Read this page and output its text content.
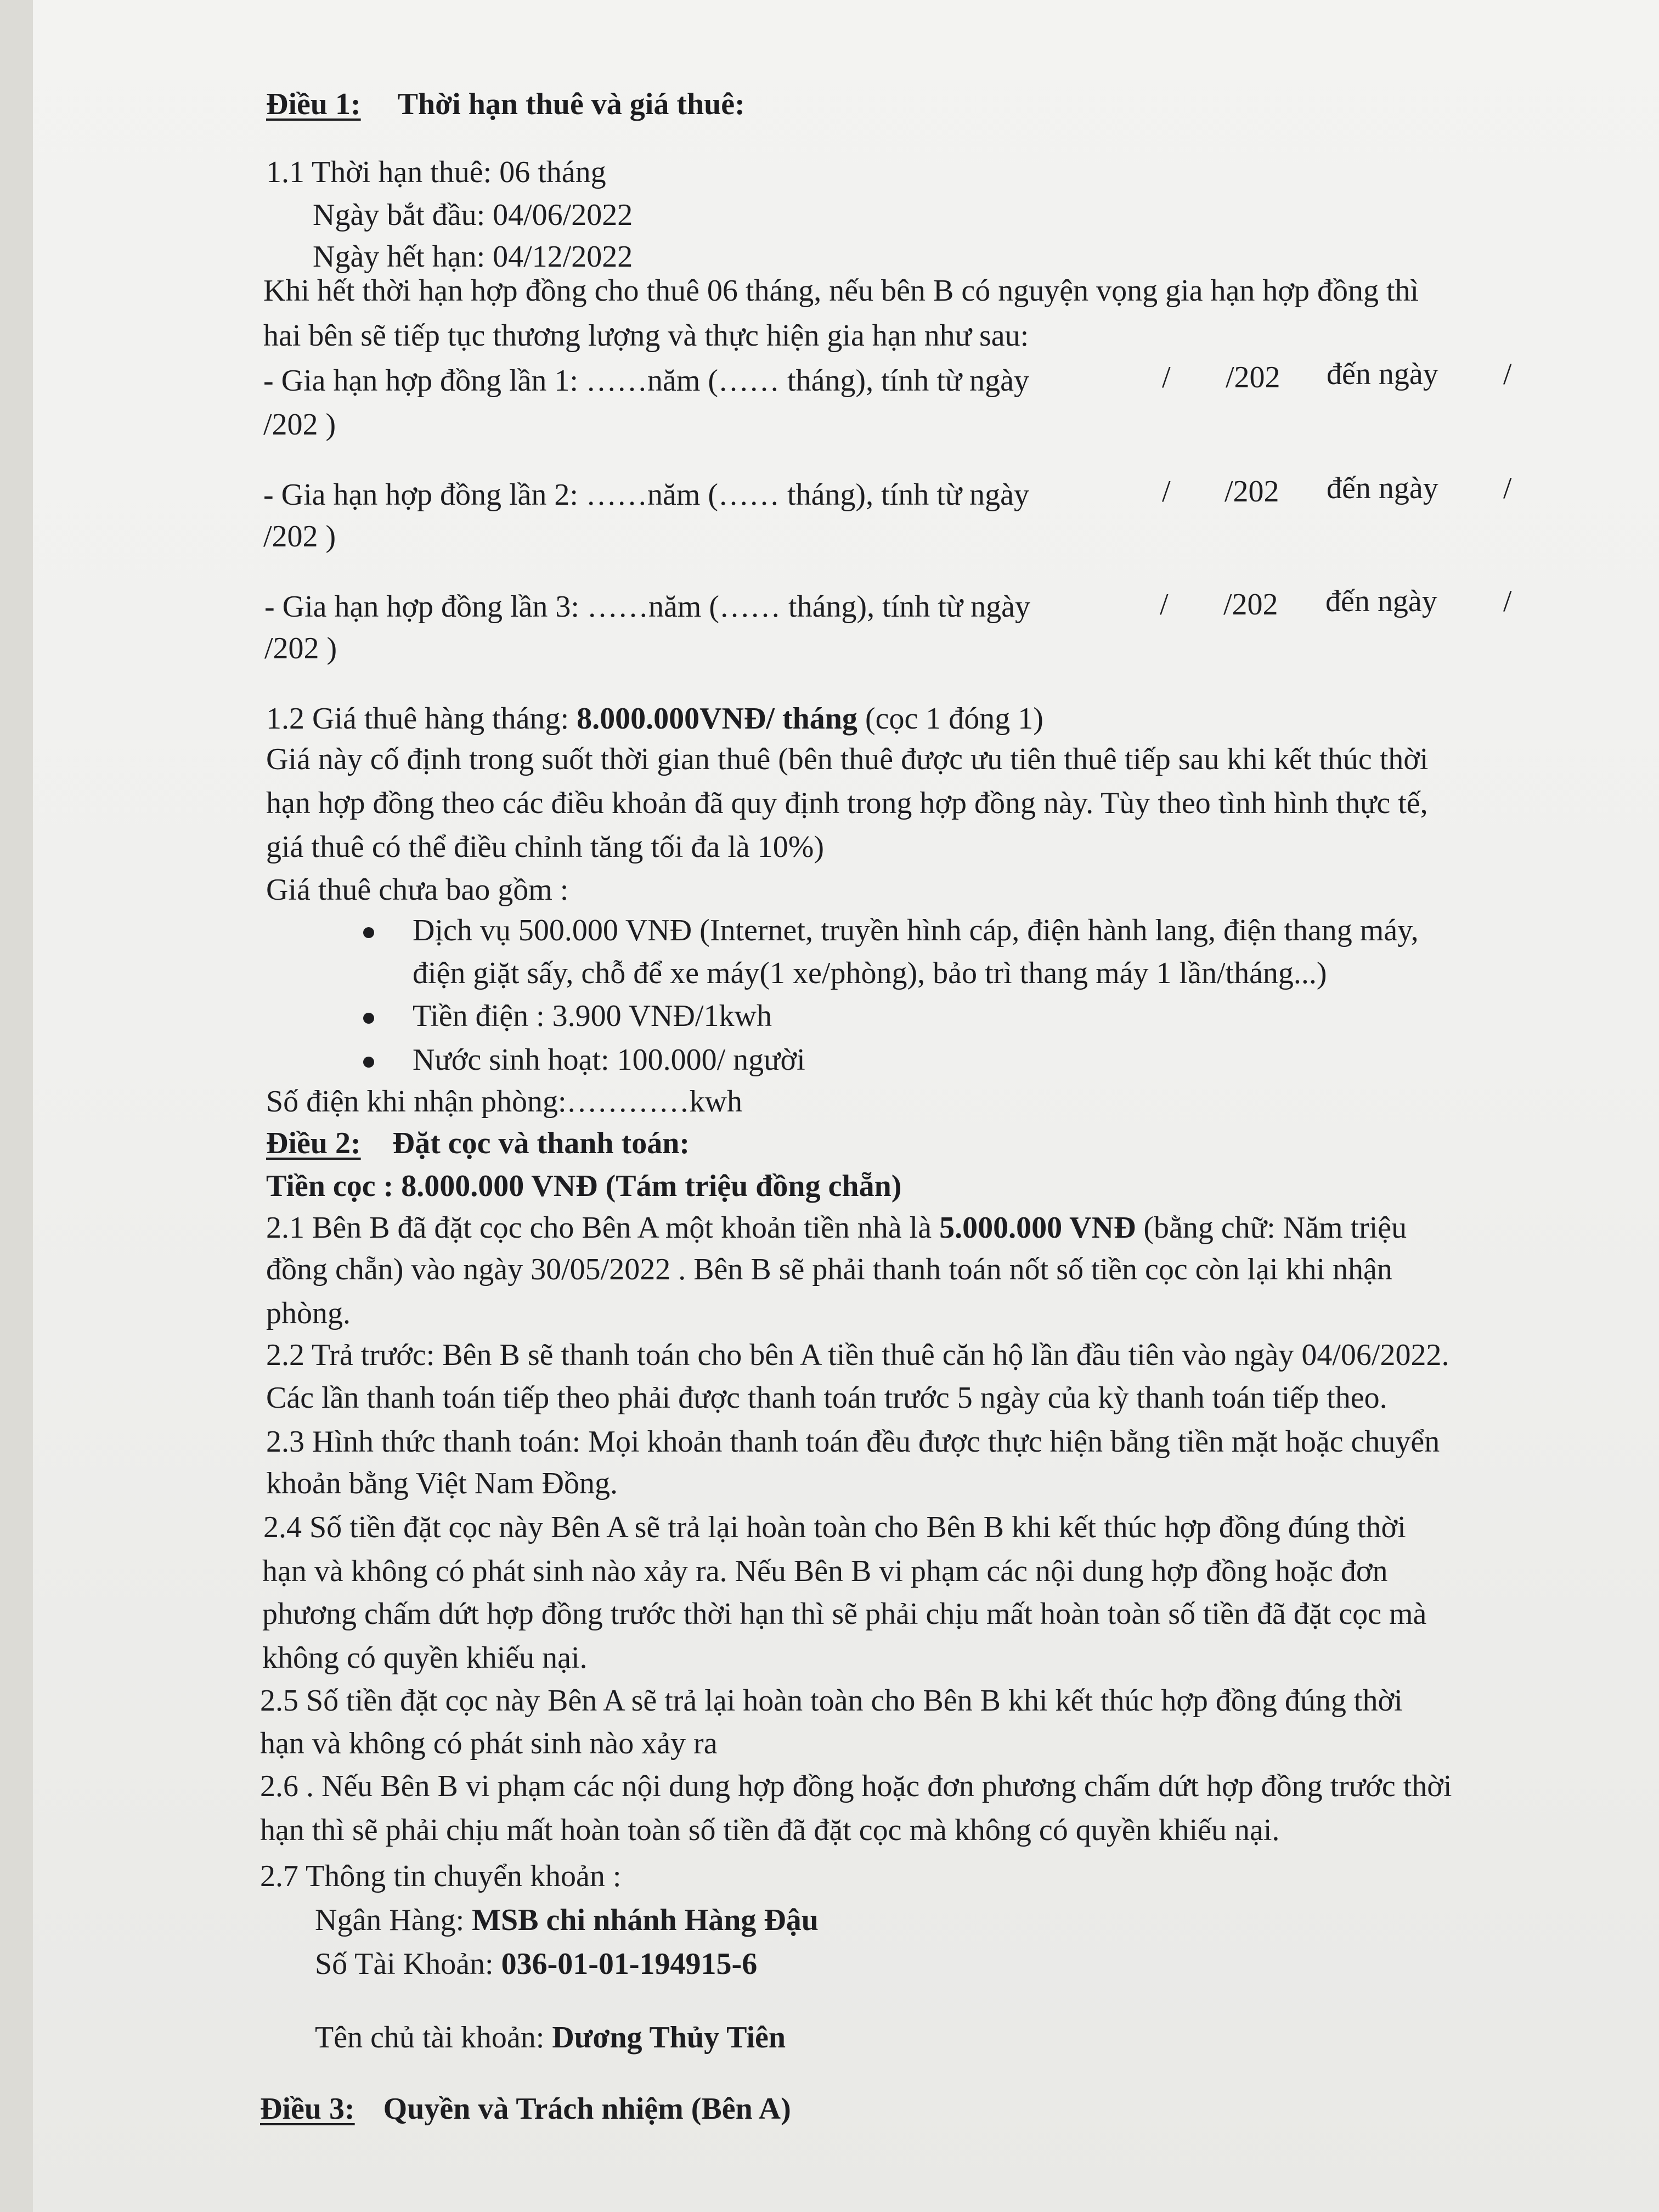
Điều 1: Thời hạn thuê và giá thuê:
1.1 Thời hạn thuê: 06 tháng
Ngày bắt đầu: 04/06/2022
Ngày hết hạn: 04/12/2022
Khi hết thời hạn hợp đồng cho thuê 06 tháng, nếu bên B có nguyện vọng gia hạn hợp đồng thì
hai bên sẽ tiếp tục thương lượng và thực hiện gia hạn như sau:
- Gia hạn hợp đồng lần 1: ……năm (…… tháng), tính từ ngày	/ /202 đến ngày /
/202 )
- Gia hạn hợp đồng lần 2: ……năm (…… tháng), tính từ ngày	/ /202 đến ngày /
/202 )
- Gia hạn hợp đồng lần 3: ……năm (…… tháng), tính từ ngày	/ /202 đến ngày /
/202 )
1.2 Giá thuê hàng tháng: 8.000.000VNĐ/ tháng (cọc 1 đóng 1)
Giá này cố định trong suốt thời gian thuê (bên thuê được ưu tiên thuê tiếp sau khi kết thúc thời
hạn hợp đồng theo các điều khoản đã quy định trong hợp đồng này. Tùy theo tình hình thực tế,
giá thuê có thể điều chỉnh tăng tối đa là 10%)
Giá thuê chưa bao gồm :
Dịch vụ 500.000 VNĐ (Internet, truyền hình cáp, điện hành lang, điện thang máy,
điện giặt sấy, chỗ để xe máy(1 xe/phòng), bảo trì thang máy 1 lần/tháng...)
Tiền điện : 3.900 VNĐ/1kwh
Nước sinh hoạt: 100.000/ người
Số điện khi nhận phòng:…………kwh
Điều 2: Đặt cọc và thanh toán:
Tiền cọc : 8.000.000 VNĐ (Tám triệu đồng chẵn)
2.1 Bên B đã đặt cọc cho Bên A một khoản tiền nhà là 5.000.000 VNĐ (bằng chữ: Năm triệu
đồng chẵn) vào ngày 30/05/2022 . Bên B sẽ phải thanh toán nốt số tiền cọc còn lại khi nhận
phòng.
2.2 Trả trước: Bên B sẽ thanh toán cho bên A tiền thuê căn hộ lần đầu tiên vào ngày 04/06/2022.
Các lần thanh toán tiếp theo phải được thanh toán trước 5 ngày của kỳ thanh toán tiếp theo.
2.3 Hình thức thanh toán: Mọi khoản thanh toán đều được thực hiện bằng tiền mặt hoặc chuyển
khoản bằng Việt Nam Đồng.
2.4 Số tiền đặt cọc này Bên A sẽ trả lại hoàn toàn cho Bên B khi kết thúc hợp đồng đúng thời
hạn và không có phát sinh nào xảy ra. Nếu Bên B vi phạm các nội dung hợp đồng hoặc đơn
phương chấm dứt hợp đồng trước thời hạn thì sẽ phải chịu mất hoàn toàn số tiền đã đặt cọc mà
không có quyền khiếu nại.
2.5 Số tiền đặt cọc này Bên A sẽ trả lại hoàn toàn cho Bên B khi kết thúc hợp đồng đúng thời
hạn và không có phát sinh nào xảy ra
2.6 . Nếu Bên B vi phạm các nội dung hợp đồng hoặc đơn phương chấm dứt hợp đồng trước thời
hạn thì sẽ phải chịu mất hoàn toàn số tiền đã đặt cọc mà không có quyền khiếu nại.
2.7 Thông tin chuyển khoản :
Ngân Hàng: MSB chi nhánh Hàng Đậu
Số Tài Khoản: 036-01-01-194915-6
Tên chủ tài khoản: Dương Thủy Tiên
Điều 3: Quyền và Trách nhiệm (Bên A)
